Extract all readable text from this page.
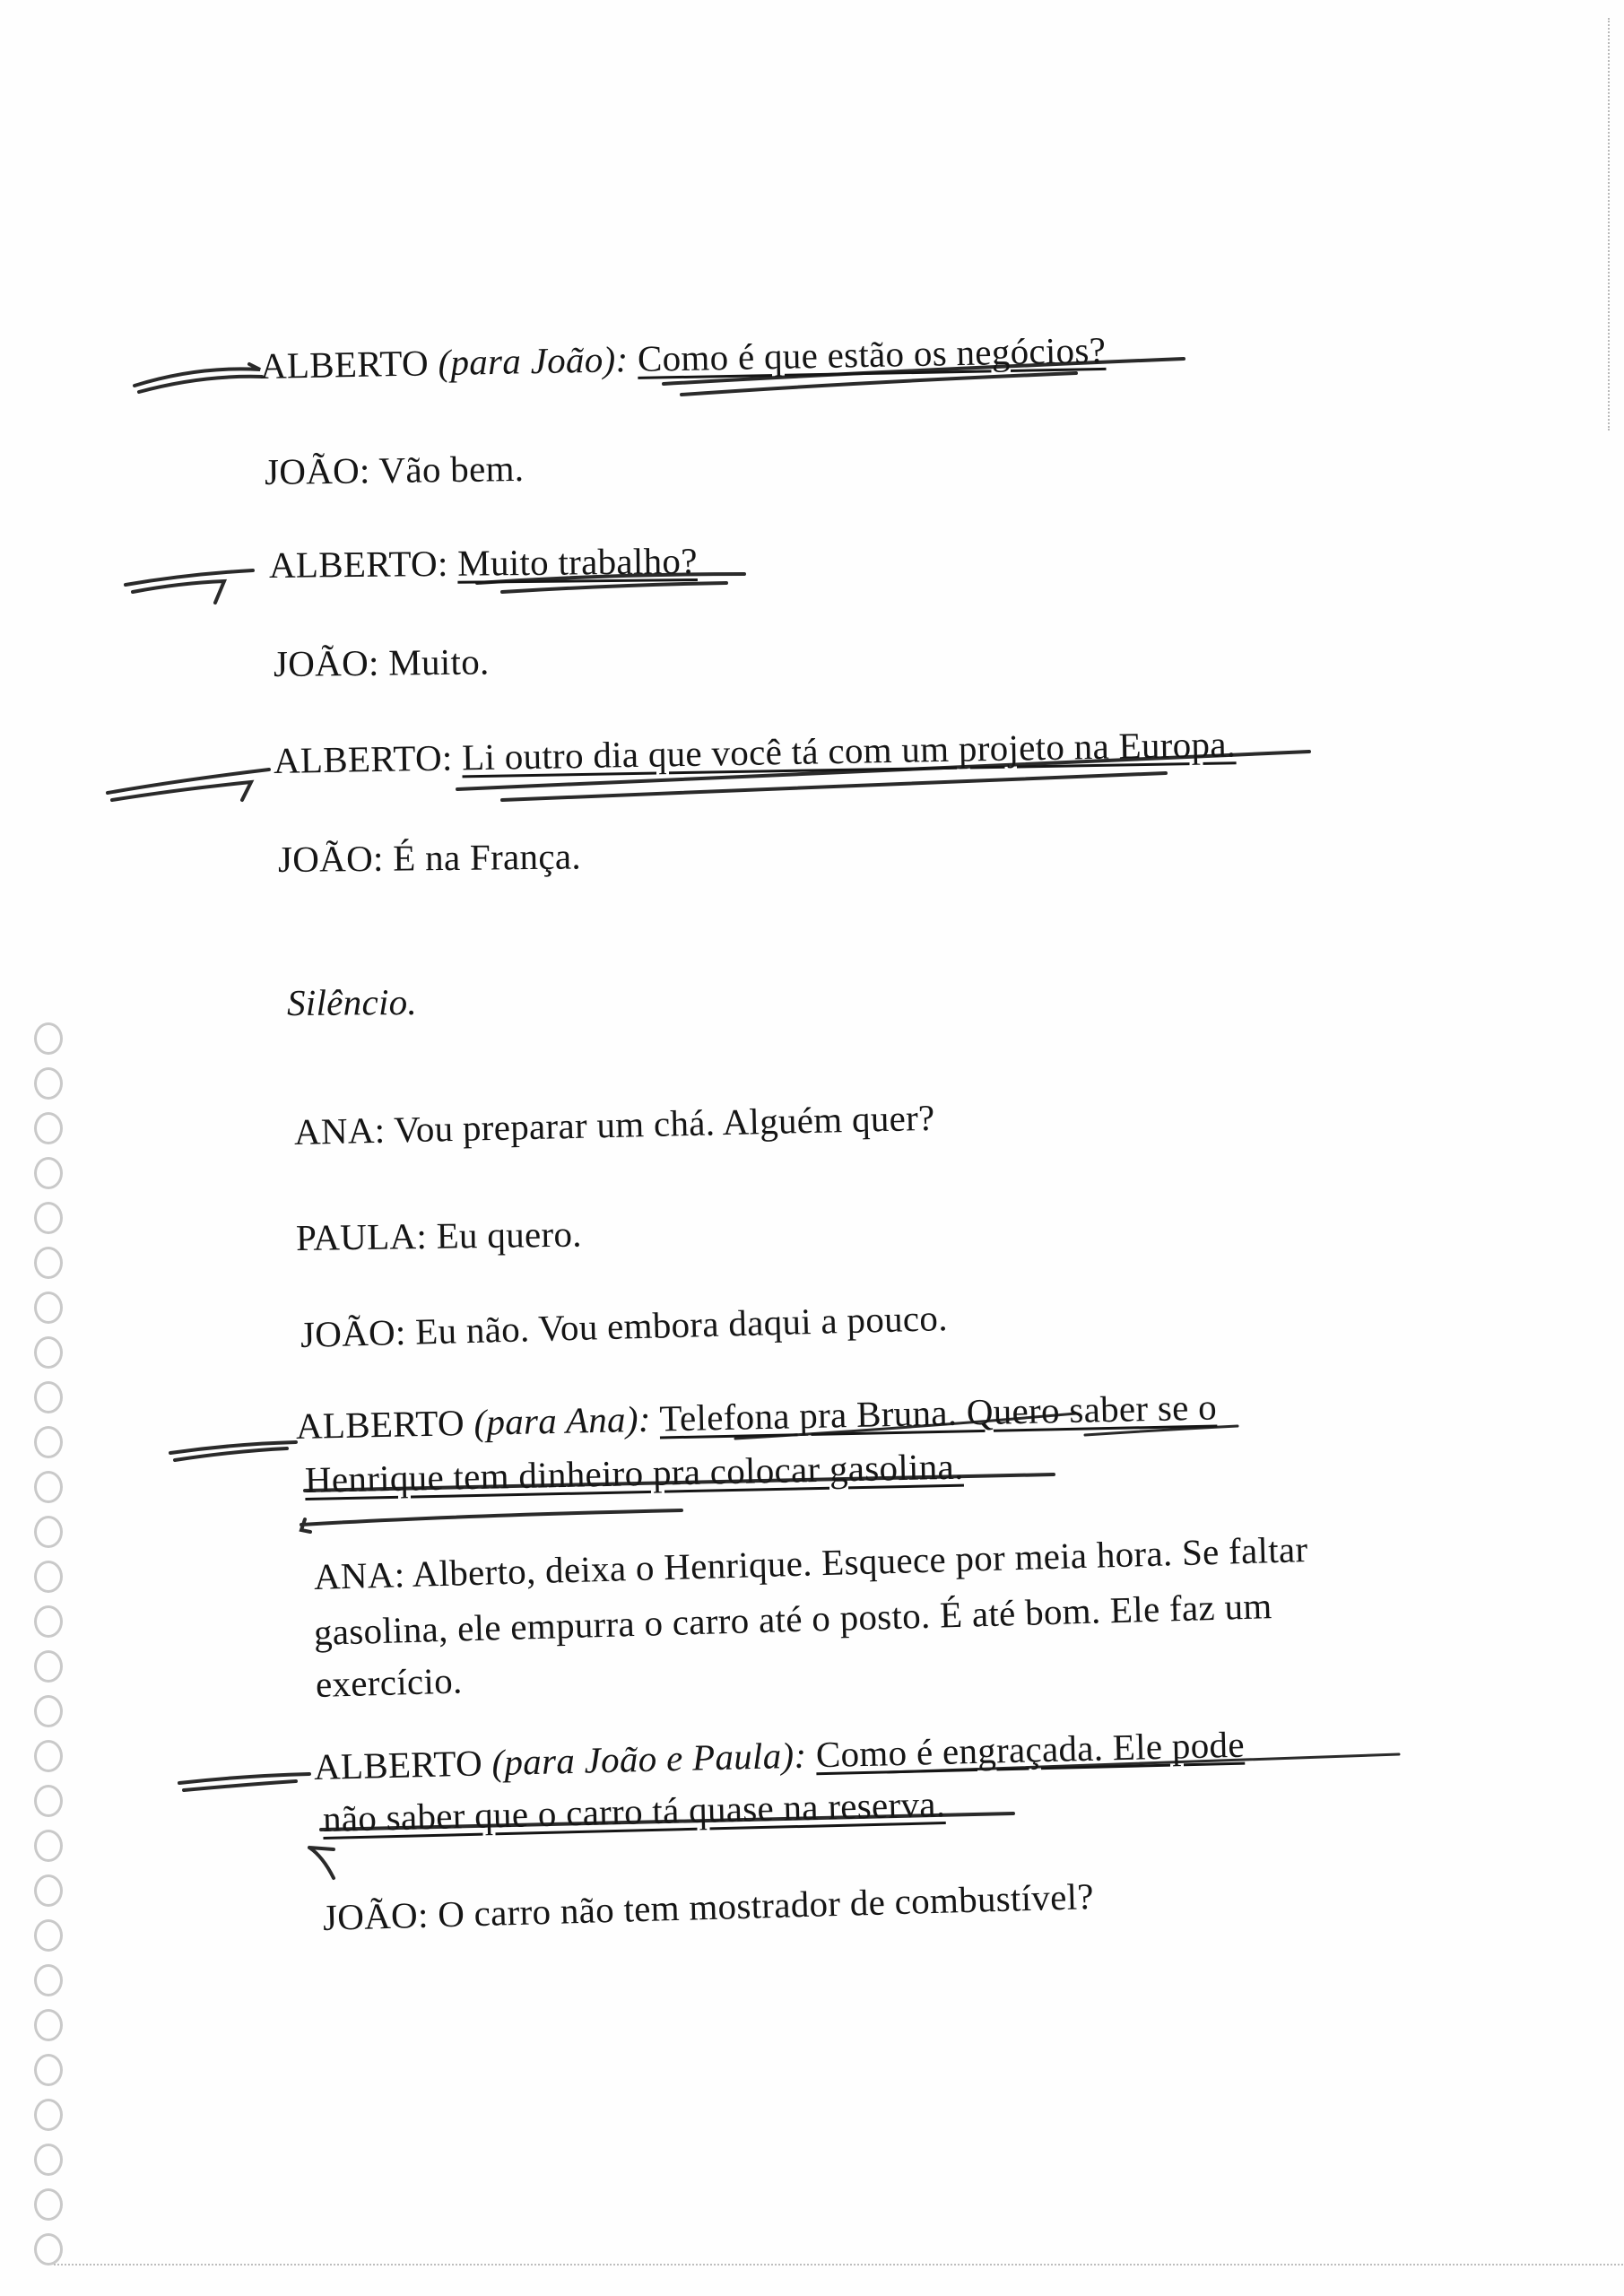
ALBERTO (para João): Como é que estão os negócios?
JOÃO: Vão bem.
ALBERTO: Muito trabalho?
JOÃO: Muito.
ALBERTO: Li outro dia que você tá com um projeto na Europa.
JOÃO: É na França.
Silêncio.
ANA: Vou preparar um chá. Alguém quer?
PAULA: Eu quero.
JOÃO: Eu não. Vou embora daqui a pouco.
ALBERTO (para Ana): Telefona pra Bruna. Quero saber se o
Henrique tem dinheiro pra colocar gasolina.
ANA: Alberto, deixa o Henrique. Esquece por meia hora. Se faltar
gasolina, ele empurra o carro até o posto. É até bom. Ele faz um
exercício.
ALBERTO (para João e Paula): Como é engraçada. Ele pode
não saber que o carro tá quase na reserva.
JOÃO: O carro não tem mostrador de combustível?
